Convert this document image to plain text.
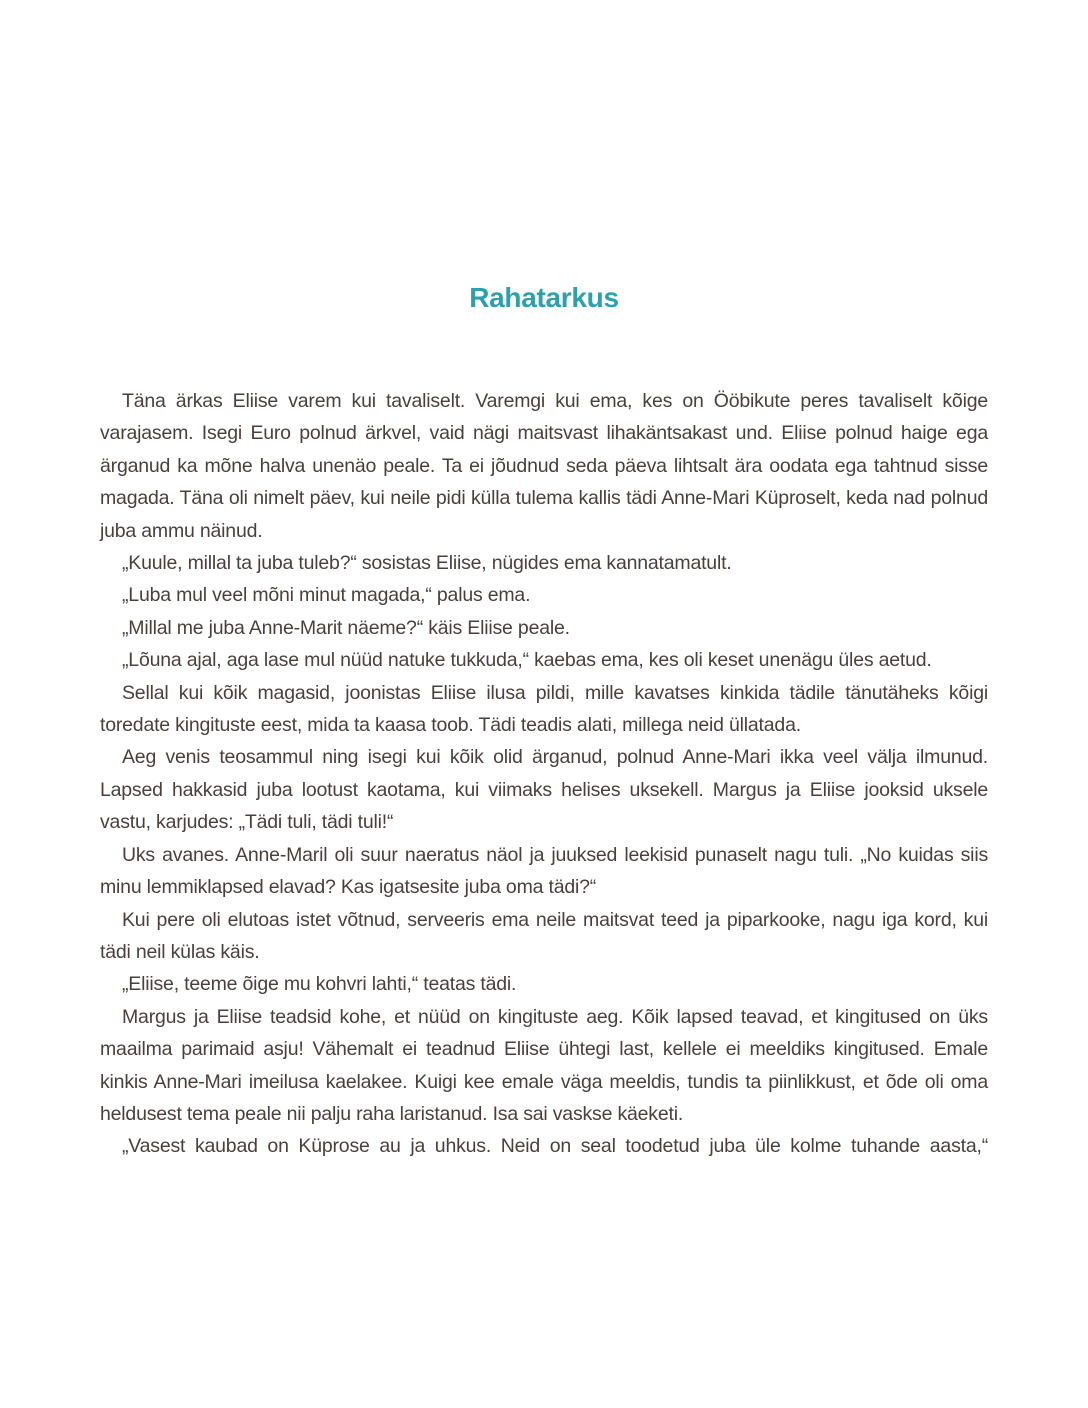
Rahatarkus

Täna ärkas Eliise varem kui tavaliselt. Varemgi kui ema, kes on Ööbikute peres tavaliselt kõige varajasem. Isegi Euro polnud ärkvel, vaid nägi maitsvast lihakäntsakast und. Eliise polnud haige ega ärganud ka mõne halva unenäo peale. Ta ei jõudnud seda päeva lihtsalt ära oodata ega tahtnud sisse magada. Täna oli nimelt päev, kui neile pidi külla tulema kallis tädi Anne-Mari Küproselt, keda nad polnud juba ammu näinud.

„Kuule, millal ta juba tuleb?“ sosistas Eliise, nügides ema kannatamatult.

„Luba mul veel mõni minut magada,“ palus ema.

„Millal me juba Anne-Marit näeme?“ käis Eliise peale.

„Lõuna ajal, aga lase mul nüüd natuke tukkuda,“ kaebas ema, kes oli keset unenägu üles aetud.

Sellal kui kõik magasid, joonistas Eliise ilusa pildi, mille kavatses kinkida tädile tänutäheks kõigi toredate kingituste eest, mida ta kaasa toob. Tädi teadis alati, millega neid üllatada.

Aeg venis teosammul ning isegi kui kõik olid ärganud, polnud Anne-Mari ikka veel välja ilmunud. Lapsed hakkasid juba lootust kaotama, kui viimaks helises uksekell. Margus ja Eliise jooksid uksele vastu, karjudes: „Tädi tuli, tädi tuli!“

Uks avanes. Anne-Maril oli suur naeratus näol ja juuksed leekisid punaselt nagu tuli. „No kuidas siis minu lemmiklapsed elavad? Kas igatsesite juba oma tädi?“

Kui pere oli elutoas istet võtnud, serveeris ema neile maitsvat teed ja piparkooke, nagu iga kord, kui tädi neil külas käis.

„Eliise, teeme õige mu kohvri lahti,“ teatas tädi.

Margus ja Eliise teadsid kohe, et nüüd on kingituste aeg. Kõik lapsed teavad, et kingitused on üks maailma parimaid asju! Vähemalt ei teadnud Eliise ühtegi last, kellele ei meeldiks kingitused. Emale kinkis Anne-Mari imeilusa kaelakee. Kuigi kee emale väga meeldis, tundis ta piinlikkust, et õde oli oma heldusest tema peale nii palju raha laristanud. Isa sai vaskse käeketi.

„Vasest kaubad on Küprose au ja uhkus. Neid on seal toodetud juba üle kolme tuhande aasta,“
